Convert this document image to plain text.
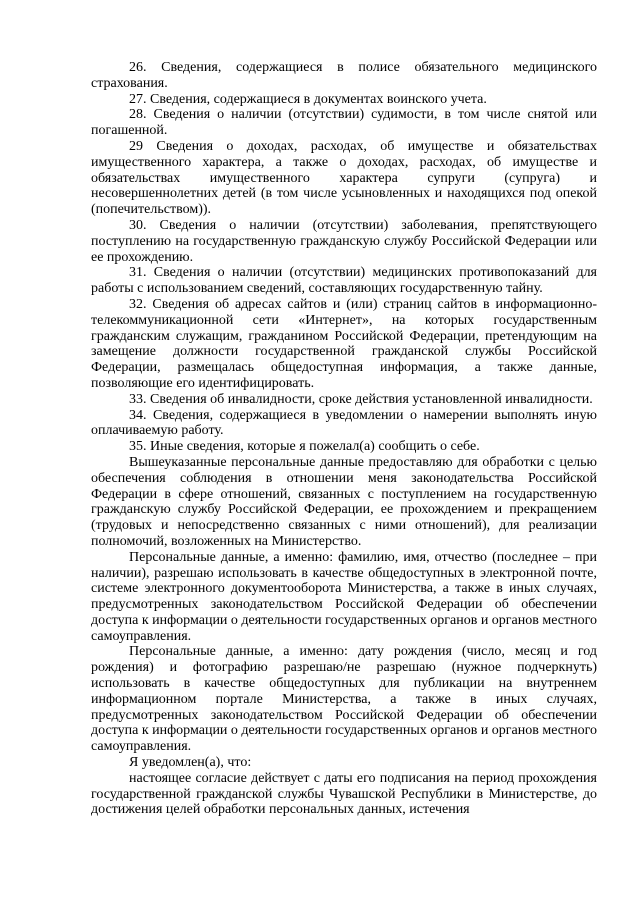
26. Сведения, содержащиеся в полисе обязательного медицинского страхования.

27. Сведения, содержащиеся в документах воинского учета.

28. Сведения о наличии (отсутствии) судимости, в том числе снятой или погашенной.

29 Сведения о доходах, расходах, об имуществе и обязательствах имущественного характера, а также о доходах, расходах, об имуществе и обязательствах имущественного характера супруги (супруга) и несовершеннолетних детей (в том числе усыновленных и находящихся под опекой (попечительством)).

30. Сведения о наличии (отсутствии) заболевания, препятствующего поступлению на государственную гражданскую службу Российской Федерации или ее прохождению.

31. Сведения о наличии (отсутствии) медицинских противопоказаний для работы с использованием сведений, составляющих государственную тайну.

32. Сведения об адресах сайтов и (или) страниц сайтов в информационно-телекоммуникационной сети «Интернет», на которых государственным гражданским служащим, гражданином Российской Федерации, претендующим на замещение должности государственной гражданской службы Российской Федерации, размещалась общедоступная информация, а также данные, позволяющие его идентифицировать.

33. Сведения об инвалидности, сроке действия установленной инвалидности.

34. Сведения, содержащиеся в уведомлении о намерении выполнять иную оплачиваемую работу.

35. Иные сведения, которые я пожелал(а) сообщить о себе.

Вышеуказанные персональные данные предоставляю для обработки с целью обеспечения соблюдения в отношении меня законодательства Российской Федерации в сфере отношений, связанных с поступлением на государственную гражданскую службу Российской Федерации, ее прохождением и прекращением (трудовых и непосредственно связанных с ними отношений), для реализации полномочий, возложенных на Министерство.

Персональные данные, а именно: фамилию, имя, отчество (последнее – при наличии), разрешаю использовать в качестве общедоступных в электронной почте, системе электронного документооборота Министерства, а также в иных случаях, предусмотренных законодательством Российской Федерации об обеспечении доступа к информации о деятельности государственных органов и органов местного самоуправления.

Персональные данные, а именно: дату рождения (число, месяц и год рождения) и фотографию разрешаю/не разрешаю (нужное подчеркнуть) использовать в качестве общедоступных для публикации на внутреннем информационном портале Министерства, а также в иных случаях, предусмотренных законодательством Российской Федерации об обеспечении доступа к информации о деятельности государственных органов и органов местного самоуправления.

Я уведомлен(а), что:

настоящее согласие действует с даты его подписания на период прохождения государственной гражданской службы Чувашской Республики в Министерстве, до достижения целей обработки персональных данных, истечения
